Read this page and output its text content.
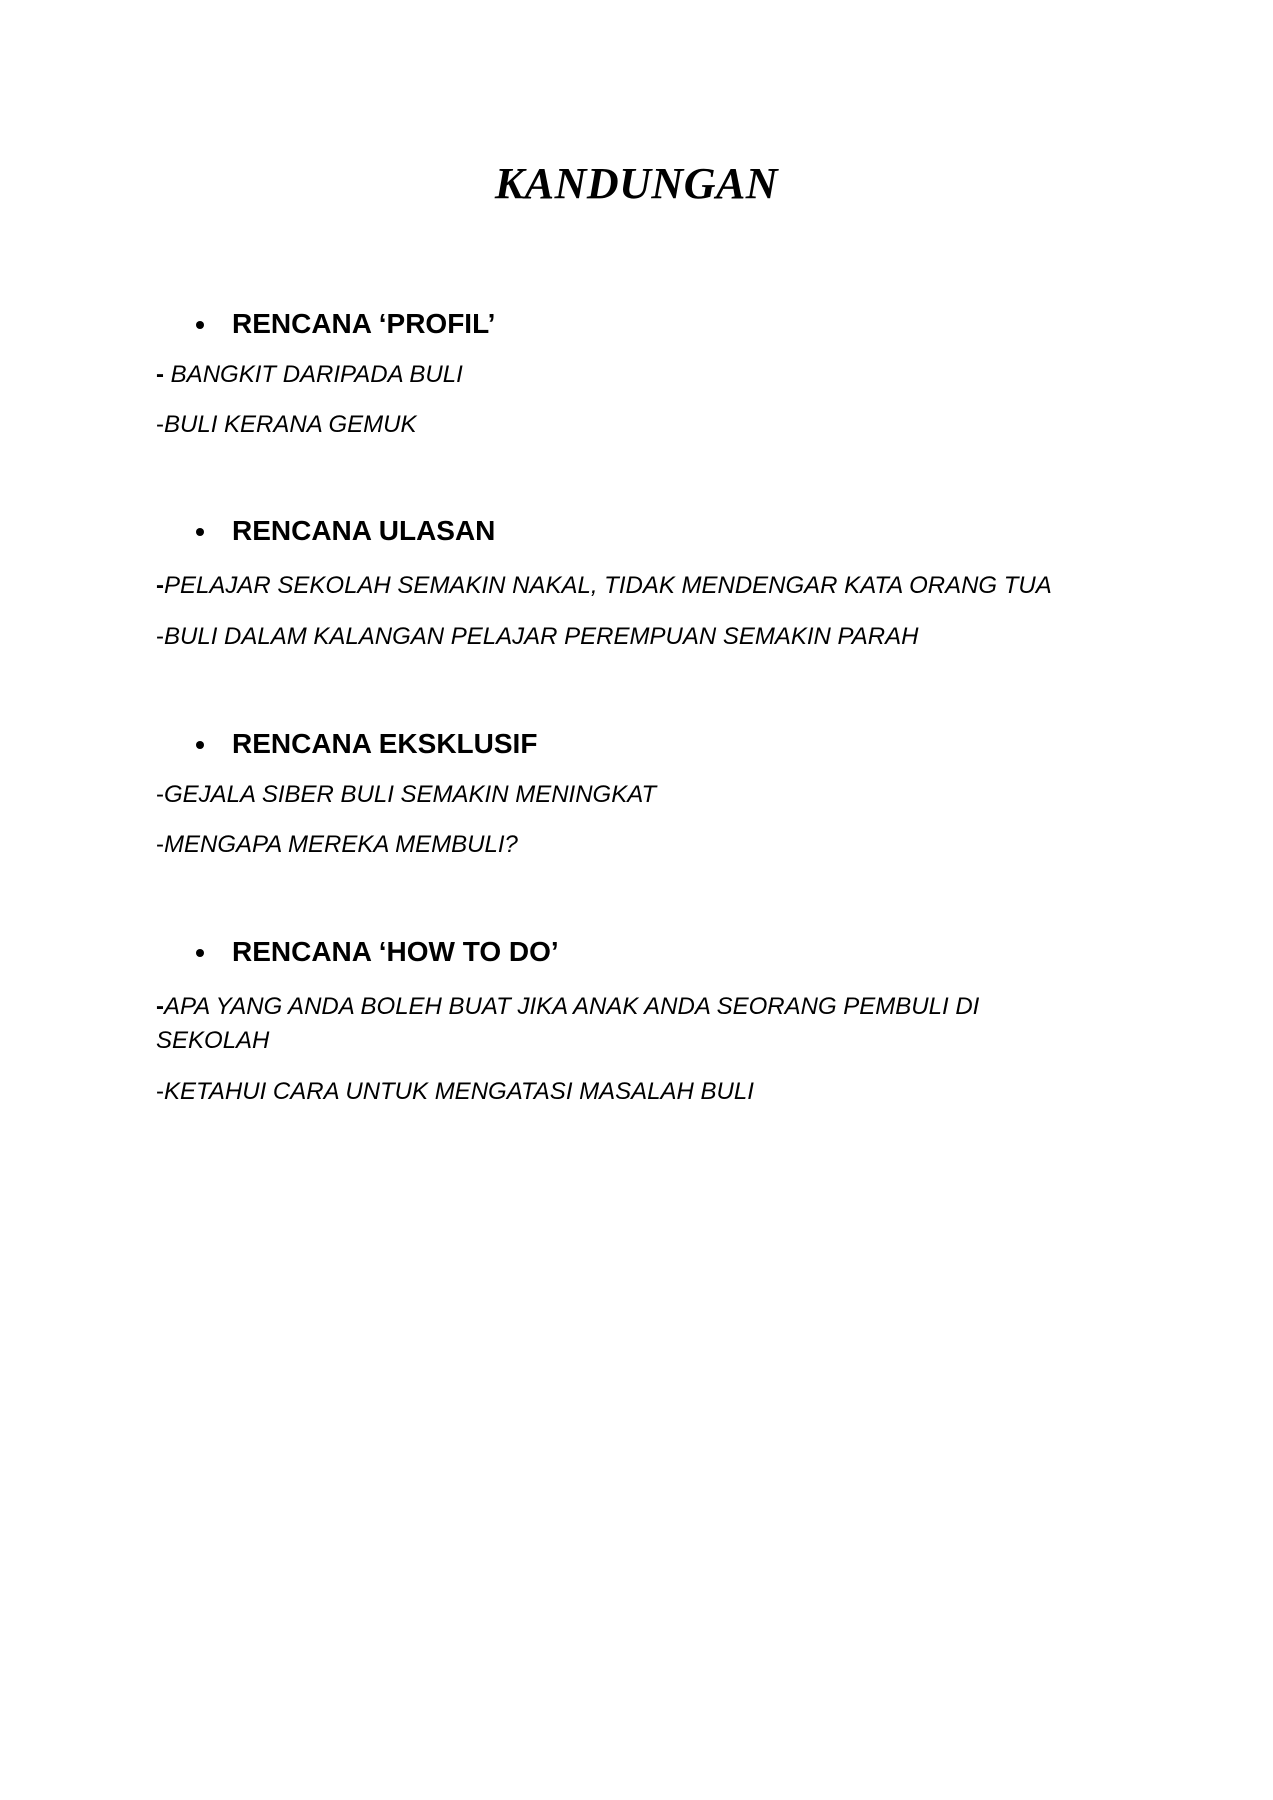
KANDUNGAN
RENCANA ‘PROFIL’
- BANGKIT DARIPADA BULI
-BULI KERANA GEMUK
RENCANA ULASAN
-PELAJAR SEKOLAH SEMAKIN NAKAL, TIDAK MENDENGAR KATA ORANG TUA
-BULI DALAM KALANGAN PELAJAR PEREMPUAN SEMAKIN PARAH
RENCANA EKSKLUSIF
-GEJALA SIBER BULI SEMAKIN MENINGKAT
-MENGAPA MEREKA MEMBULI?
RENCANA ‘HOW TO DO’
-APA YANG ANDA BOLEH BUAT JIKA ANAK ANDA SEORANG PEMBULI DI SEKOLAH
-KETAHUI CARA UNTUK MENGATASI MASALAH BULI
